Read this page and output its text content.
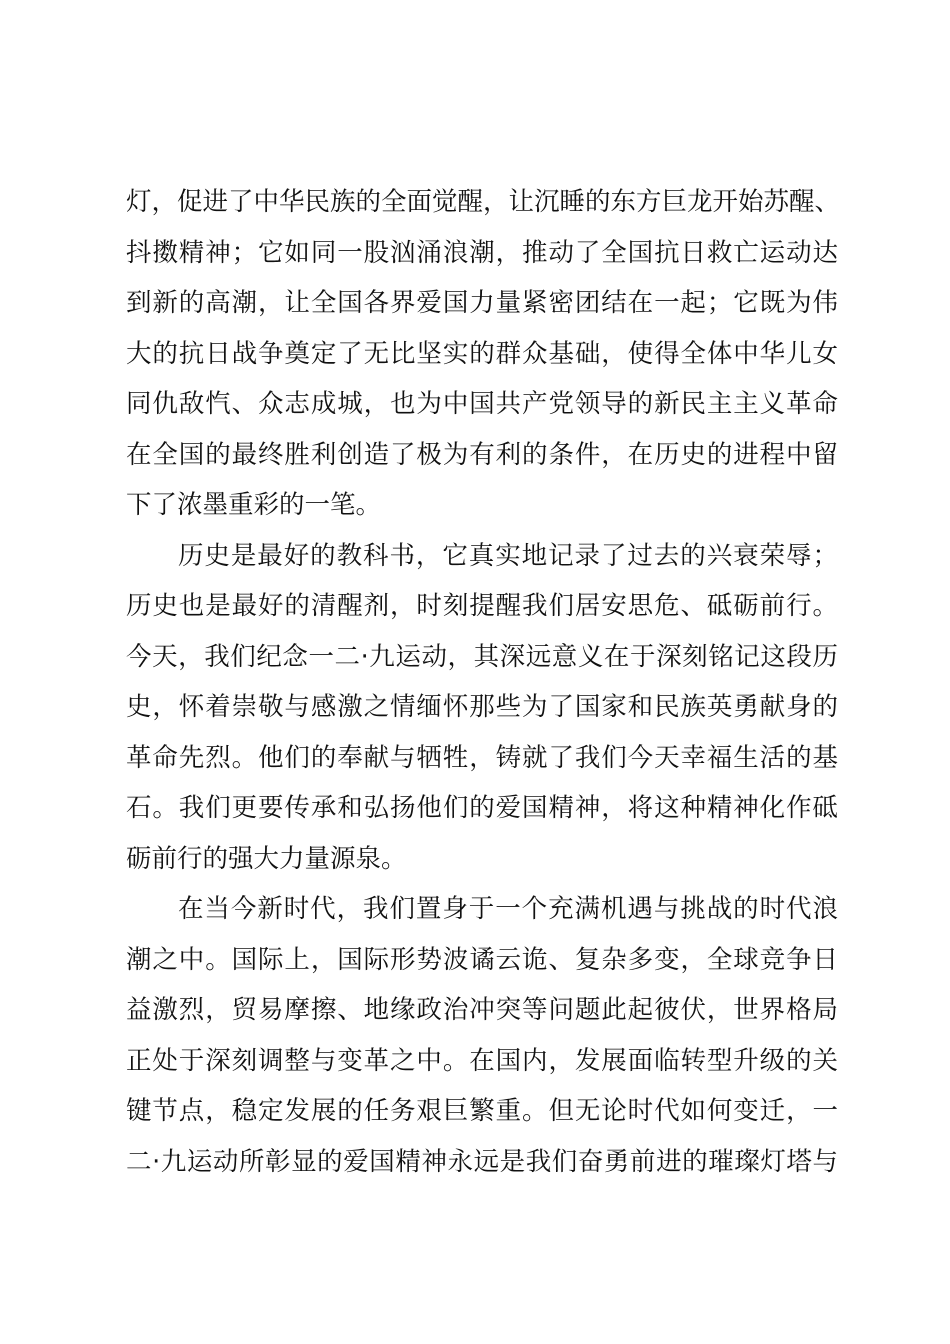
灯，促进了中华民族的全面觉醒，让沉睡的东方巨龙开始苏醒、
抖擞精神；它如同一股汹涌浪潮，推动了全国抗日救亡运动达
到新的高潮，让全国各界爱国力量紧密团结在一起；它既为伟
大的抗日战争奠定了无比坚实的群众基础，使得全体中华儿女
同仇敌忾、众志成城，也为中国共产党领导的新民主主义革命
在全国的最终胜利创造了极为有利的条件，在历史的进程中留
下了浓墨重彩的一笔。
历史是最好的教科书，它真实地记录了过去的兴衰荣辱；
历史也是最好的清醒剂，时刻提醒我们居安思危、砥砺前行。
今天，我们纪念一二·九运动，其深远意义在于深刻铭记这段历
史，怀着崇敬与感激之情缅怀那些为了国家和民族英勇献身的
革命先烈。他们的奉献与牺牲，铸就了我们今天幸福生活的基
石。我们更要传承和弘扬他们的爱国精神，将这种精神化作砥
砺前行的强大力量源泉。
在当今新时代，我们置身于一个充满机遇与挑战的时代浪
潮之中。国际上，国际形势波谲云诡、复杂多变，全球竞争日
益激烈，贸易摩擦、地缘政治冲突等问题此起彼伏，世界格局
正处于深刻调整与变革之中。在国内，发展面临转型升级的关
键节点，稳定发展的任务艰巨繁重。但无论时代如何变迁，一
二·九运动所彰显的爱国精神永远是我们奋勇前进的璀璨灯塔与
